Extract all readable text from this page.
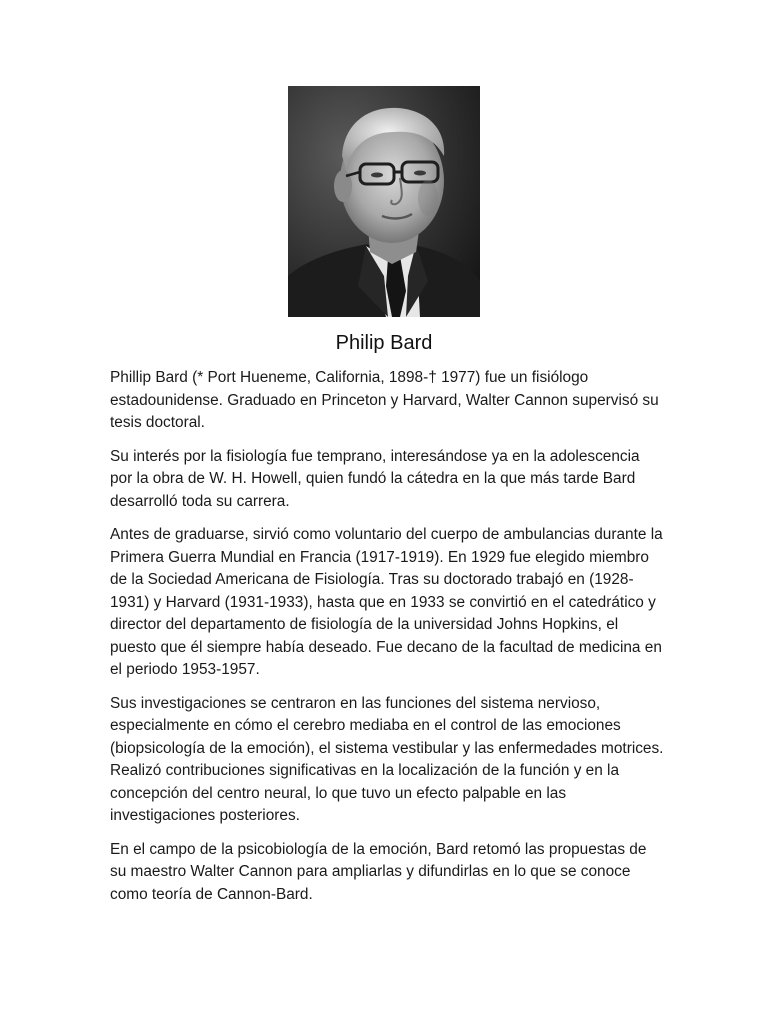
Philip Bard

Phillip Bard (* Port Hueneme, California, 1898-† 1977) fue un fisiólogo estadounidense. Graduado en Princeton y Harvard, Walter Cannon supervisó su tesis doctoral.

Su interés por la fisiología fue temprano, interesándose ya en la adolescencia por la obra de W. H. Howell, quien fundó la cátedra en la que más tarde Bard desarrolló toda su carrera.

Antes de graduarse, sirvió como voluntario del cuerpo de ambulancias durante la Primera Guerra Mundial en Francia (1917-1919). En 1929 fue elegido miembro de la Sociedad Americana de Fisiología. Tras su doctorado trabajó en (1928-1931) y Harvard (1931-1933), hasta que en 1933 se convirtió en el catedrático y director del departamento de fisiología de la universidad Johns Hopkins, el puesto que él siempre había deseado. Fue decano de la facultad de medicina en el periodo 1953-1957.

Sus investigaciones se centraron en las funciones del sistema nervioso, especialmente en cómo el cerebro mediaba en el control de las emociones (biopsicología de la emoción), el sistema vestibular y las enfermedades motrices. Realizó contribuciones significativas en la localización de la función y en la concepción del centro neural, lo que tuvo un efecto palpable en las investigaciones posteriores.

En el campo de la psicobiología de la emoción, Bard retomó las propuestas de su maestro Walter Cannon para ampliarlas y difundirlas en lo que se conoce como teoría de Cannon-Bard.
